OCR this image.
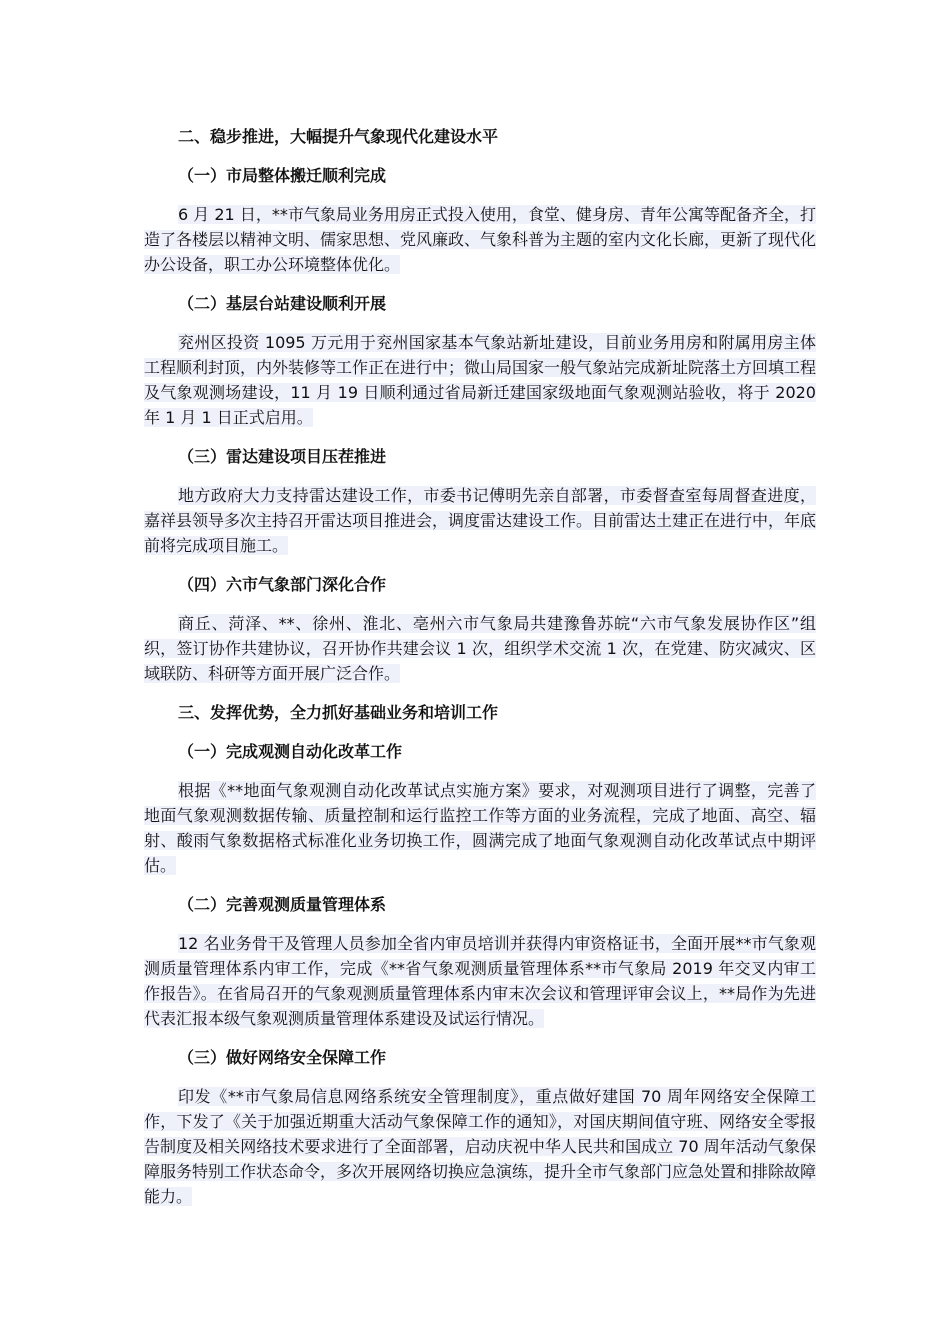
二、稳步推进，大幅提升气象现代化建设水平
（一）市局整体搬迁顺利完成
6 月 21 日，**市气象局业务用房正式投入使用，食堂、健身房、青年公寓等配备齐全，打造了各楼层以精神文明、儒家思想、党风廉政、气象科普为主题的室内文化长廊，更新了现代化办公设备，职工办公环境整体优化。
（二）基层台站建设顺利开展
兖州区投资 1095 万元用于兖州国家基本气象站新址建设，目前业务用房和附属用房主体工程顺利封顶，内外装修等工作正在进行中；微山局国家一般气象站完成新址院落土方回填工程及气象观测场建设，11 月 19 日顺利通过省局新迁建国家级地面气象观测站验收，将于 2020 年 1 月 1 日正式启用。
（三）雷达建设项目压茬推进
地方政府大力支持雷达建设工作，市委书记傅明先亲自部署，市委督查室每周督查进度，嘉祥县领导多次主持召开雷达项目推进会，调度雷达建设工作。目前雷达土建正在进行中，年底前将完成项目施工。
（四）六市气象部门深化合作
商丘、菏泽、**、徐州、淮北、亳州六市气象局共建豫鲁苏皖“六市气象发展协作区”组织，签订协作共建协议，召开协作共建会议 1 次，组织学术交流 1 次，在党建、防灾减灾、区域联防、科研等方面开展广泛合作。
三、发挥优势，全力抓好基础业务和培训工作
（一）完成观测自动化改革工作
根据《**地面气象观测自动化改革试点实施方案》要求，对观测项目进行了调整，完善了地面气象观测数据传输、质量控制和运行监控工作等方面的业务流程，完成了地面、高空、辐射、酸雨气象数据格式标准化业务切换工作，圆满完成了地面气象观测自动化改革试点中期评估。
（二）完善观测质量管理体系
12 名业务骨干及管理人员参加全省内审员培训并获得内审资格证书，全面开展**市气象观测质量管理体系内审工作，完成《**省气象观测质量管理体系**市气象局 2019 年交叉内审工作报告》。在省局召开的气象观测质量管理体系内审末次会议和管理评审会议上，**局作为先进代表汇报本级气象观测质量管理体系建设及试运行情况。
（三）做好网络安全保障工作
印发《**市气象局信息网络系统安全管理制度》，重点做好建国 70 周年网络安全保障工作，下发了《关于加强近期重大活动气象保障工作的通知》，对国庆期间值守班、网络安全零报告制度及相关网络技术要求进行了全面部署，启动庆祝中华人民共和国成立 70 周年活动气象保障服务特别工作状态命令，多次开展网络切换应急演练，提升全市气象部门应急处置和排除故障能力。
